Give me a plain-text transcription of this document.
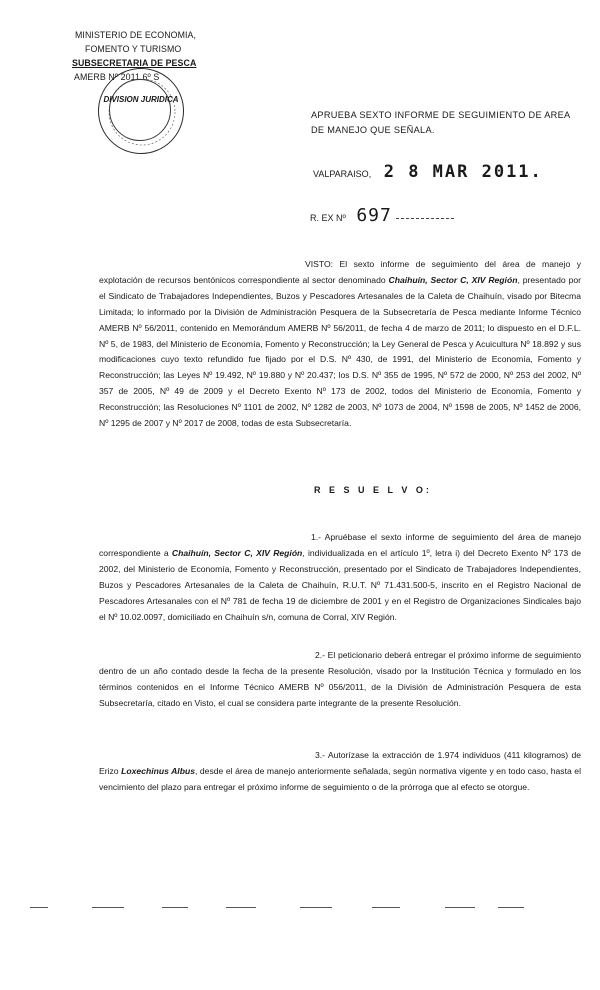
MINISTERIO DE ECONOMIA,
FOMENTO Y TURISMO
SUBSECRETARIA DE PESCA
AMERB Nº 2011 6º S
DIVISION JURIDICA
APRUEBA SEXTO INFORME DE SEGUIMIENTO DE AREA DE MANEJO QUE SEÑALA.
VALPARAISO, 2 8 MAR 2011.
R. EX Nº 697
VISTO: El sexto informe de seguimiento del área de manejo y explotación de recursos bentónicos correspondiente al sector denominado Chaihuín, Sector C, XIV Región, presentado por el Sindicato de Trabajadores Independientes, Buzos y Pescadores Artesanales de la Caleta de Chaihuín, visado por Bitecma Limitada; lo informado por la División de Administración Pesquera de la Subsecretaría de Pesca mediante Informe Técnico AMERB Nº 56/2011, contenido en Memorándum AMERB Nº 56/2011, de fecha 4 de marzo de 2011; lo dispuesto en el D.F.L. Nº 5, de 1983, del Ministerio de Economía, Fomento y Reconstrucción; la Ley General de Pesca y Acuicultura Nº 18.892 y sus modificaciones cuyo texto refundido fue fijado por el D.S. Nº 430, de 1991, del Ministerio de Economía, Fomento y Reconstrucción; las Leyes Nº 19.492, Nº 19.880 y Nº 20.437; los D.S. Nº 355 de 1995, Nº 572 de 2000, Nº 253 del 2002, Nº 357 de 2005, Nº 49 de 2009 y el Decreto Exento Nº 173 de 2002, todos del Ministerio de Economía, Fomento y Reconstrucción; las Resoluciones Nº 1101 de 2002, Nº 1282 de 2003, Nº 1073 de 2004, Nº 1598 de 2005, Nº 1452 de 2006, Nº 1295 de 2007 y Nº 2017 de 2008, todas de esta Subsecretaría.
R E S U E L V O:
1.- Apruébase el sexto informe de seguimiento del área de manejo correspondiente a Chaihuín, Sector C, XIV Región, individualizada en el artículo 1º, letra i) del Decreto Exento Nº 173 de 2002, del Ministerio de Economía, Fomento y Reconstrucción, presentado por el Sindicato de Trabajadores Independientes, Buzos y Pescadores Artesanales de la Caleta de Chaihuín, R.U.T. Nº 71.431.500-5, inscrito en el Registro Nacional de Pescadores Artesanales con el Nº 781 de fecha 19 de diciembre de 2001 y en el Registro de Organizaciones Sindicales bajo el Nº 10.02.0097, domiciliado en Chaihuín s/n, comuna de Corral, XIV Región.
2.- El peticionario deberá entregar el próximo informe de seguimiento dentro de un año contado desde la fecha de la presente Resolución, visado por la Institución Técnica y formulado en los términos contenidos en el Informe Técnico AMERB Nº 056/2011, de la División de Administración Pesquera de esta Subsecretaría, citado en Visto, el cual se considera parte integrante de la presente Resolución.
3.- Autorízase la extracción de 1.974 individuos (411 kilogramos) de Erizo Loxechinus Albus, desde el área de manejo anteriormente señalada, según normativa vigente y en todo caso, hasta el vencimiento del plazo para entregar el próximo informe de seguimiento o de la prórroga que al efecto se otorgue.
